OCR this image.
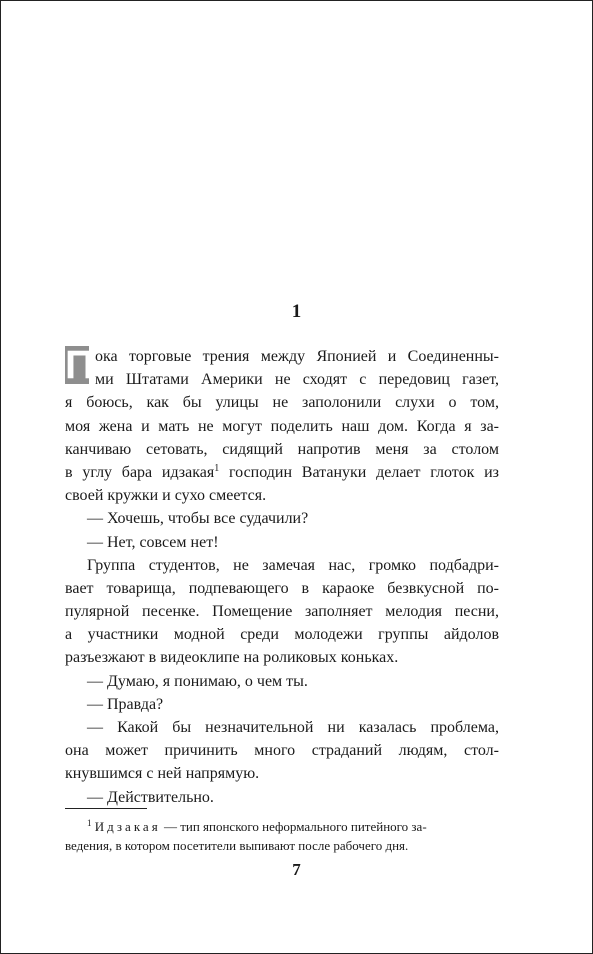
1
П ока торговые трения между Японией и Соединенны-
ми Штатами Америки не сходят с передовиц газет,
я боюсь, как бы улицы не заполонили слухи о том,
моя жена и мать не могут поделить наш дом. Когда я за-
канчиваю сетовать, сидящий напротив меня за столом
в углу бара идзакая$^1$ господин Ватануки делает глоток из
своей кружки и сухо смеется.
— Хочешь, чтобы все судачили?
— Нет, совсем нет!
Группа студентов, не замечая нас, громко подбадри-
вает товарища, подпевающего в караоке безвкусной по-
пулярной песенке. Помещение заполняет мелодия песни,
а участники модной среди молодежи группы айдолов
разъезжают в видеоклипе на роликовых коньках.
— Думаю, я понимаю, о чем ты.
— Правда?
— Какой бы незначительной ни казалась проблема,
она может причинить много страданий людям, стол-
кнувшимся с ней напрямую.
— Действительно.
$^1$ Идзакая — тип японского неформального питейного за-
ведения, в котором посетители выпивают после рабочего дня.
7
